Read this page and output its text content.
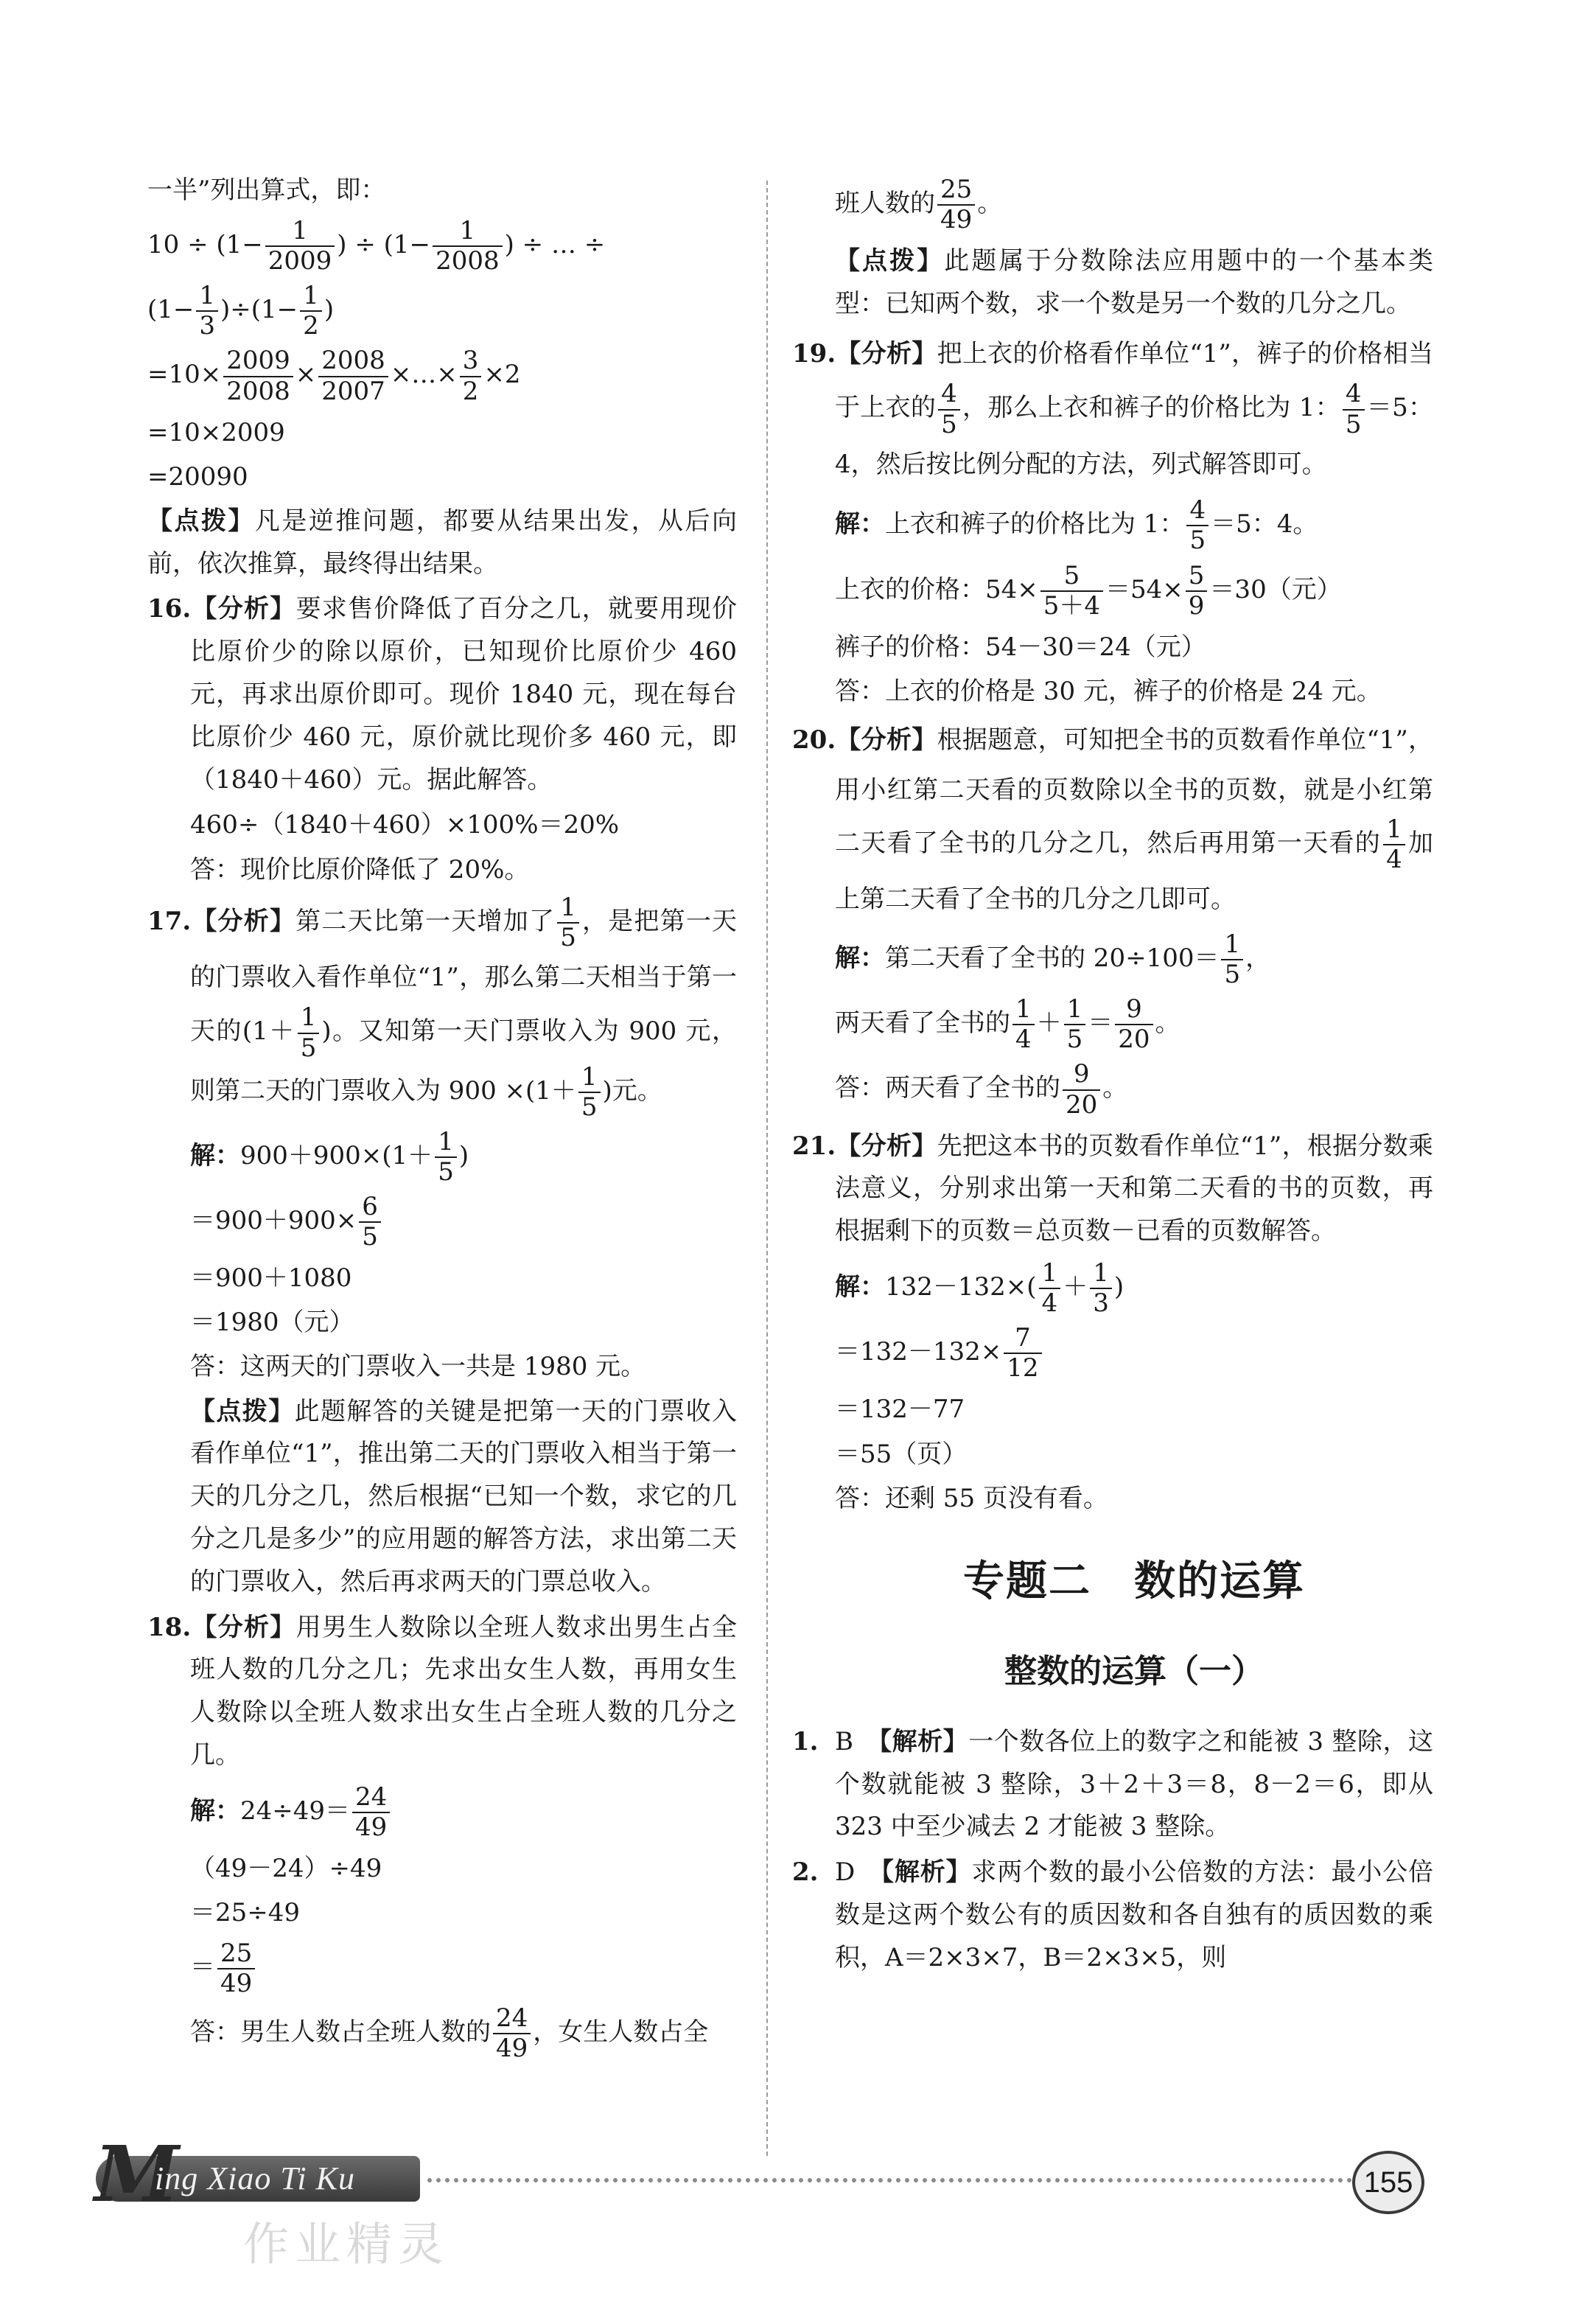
一半”列出算式，即：
$10 \div (1- \frac{1}{2009}$ ) ÷ ($1- \frac{1}{2008}$ ) ÷ … ÷
$(1- \frac{1}{3} )\div(1- \frac{1}{2}$ )
$=10\times \frac{2009}{2008} \times \frac{2008}{2007}$ ×…× $\frac{3}{2} \times 2$
=10×2009
=20090
【点拨】凡是逆推问题，都要从结果出发，从后向前，依次推算，最终得出结果。
16.【分析】要求售价降低了百分之几，就要用现价比原价少的除以原价，已知现价比原价少 460 元，再求出原价即可。现价 1840 元，现在每台比原价少 460 元，原价就比现价多 460 元，即（1840＋460）元。据此解答。
460÷（1840＋460）×100%＝20%
答：现价比原价降低了 20%。
17.【分析】第二天比第一天增加了 $\frac{1}{5}$ ，是把第一天的门票收入看作单位“1”，那么第二天相当于第一天的($1+ \frac{1}{5}$ )。又知第一天门票收入为 900 元，则第二天的门票收入为 $900 \times(1+ \frac{1}{5}$ )元。
解：$900+900\times(1+ \frac{1}{5}$ )
$=900+900\times \frac{6}{5}$
＝900＋1080
＝1980（元）
答：这两天的门票收入一共是 1980 元。
【点拨】此题解答的关键是把第一天的门票收入看作单位“1”，推出第二天的门票收入相当于第一天的几分之几，然后根据“已知一个数，求它的几分之几是多少”的应用题的解答方法，求出第二天的门票收入，然后再求两天的门票总收入。
18.【分析】用男生人数除以全班人数求出男生占全班人数的几分之几；先求出女生人数，再用女生人数除以全班人数求出女生占全班人数的几分之几。
解：$24\div 49= \frac{24}{49}$
（49－24）÷49
＝25÷49
＝ $\frac{25}{49}$
答：男生人数占全班人数的 $\frac{24}{49}$ ，女生人数占全
班人数的 $\frac{25}{49}$ 。
【点拨】此题属于分数除法应用题中的一个基本类型：已知两个数，求一个数是另一个数的几分之几。
19.【分析】把上衣的价格看作单位“1”，裤子的价格相当于上衣的 $\frac{4}{5}$ ，那么上衣和裤子的价格比为 1： $\frac{4}{5} =5$：4，然后按比例分配的方法，列式解答即可。
解：上衣和裤子的价格比为 1： $\frac{4}{5} =5$：4。
上衣的价格：$54\times \frac{5}{5+4} =54\times \frac{5}{9} =30$（元）
裤子的价格：54－30＝24（元）
答：上衣的价格是 30 元，裤子的价格是 24 元。
20.【分析】根据题意，可知把全书的页数看作单位“1”，用小红第二天看的页数除以全书的页数，就是小红第二天看了全书的几分之几，然后再用第一天看的 $\frac{1}{4}$ 加上第二天看了全书的几分之几即可。
解：第二天看了全书的 $20\div 100= \frac{1}{5}$ ，
两天看了全书的 $\frac{1}{4} + \frac{1}{5} = \frac{9}{20}$ 。
答：两天看了全书的 $\frac{9}{20}$ 。
21.【分析】先把这本书的页数看作单位“1”，根据分数乘法意义，分别求出第一天和第二天看的书的页数，再根据剩下的页数＝总页数－已看的页数解答。
解：$132-132\times( \frac{1}{4} + \frac{1}{3}$ )
$=132-132\times \frac{7}{12}$
＝132－77
＝55（页）
答：还剩 55 页没有看。
专题二　数的运算
整数的运算（一）
1. B　 【解析】一个数各位上的数字之和能被 3 整除，这个数就能被 3 整除，3＋2＋3＝8，8－2＝6，即从 323 中至少减去 2 才能被 3 整除。
2. D　 【解析】求两个数的最小公倍数的方法：最小公倍数是这两个数公有的质因数和各自独有的质因数的乘积，A＝2×3×7，B＝2×3×5，则
M
ing Xiao Ti Ku	155
作业精灵
